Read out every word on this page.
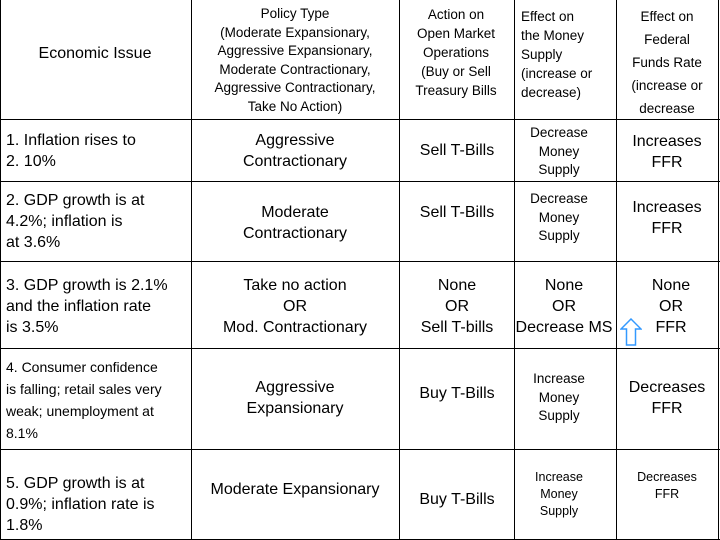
Economic Issue
Policy Type
(Moderate Expansionary,
Aggressive Expansionary,
Moderate Contractionary,
Aggressive Contractionary,
Take No Action)
Action on
Open Market
Operations
(Buy or Sell
Treasury Bills
Effect on
the Money
Supply
(increase or
decrease)
Effect on
Federal
Funds Rate
(increase or
decrease
1. Inflation rises to
2. 10%
Aggressive
Contractionary
Sell T-Bills
Decrease
Money
Supply
Increases
FFR
2. GDP growth is at
4.2%; inflation is
at 3.6%
Moderate
Contractionary
Sell T-Bills
Decrease
Money
Supply
Increases
FFR
3. GDP growth is 2.1%
and the inflation rate
is 3.5%
Take no action
OR
Mod. Contractionary
None
OR
Sell T-bills
None
OR
Decrease MS
None
OR
FFR
4. Consumer confidence
is falling; retail sales very
weak; unemployment at
8.1%
Aggressive
Expansionary
Buy T-Bills
Increase
Money
Supply
Decreases
FFR
5. GDP growth is at
0.9%; inflation rate is
1.8%
Moderate Expansionary
Buy T-Bills
Increase
Money
Supply
Decreases
FFR
